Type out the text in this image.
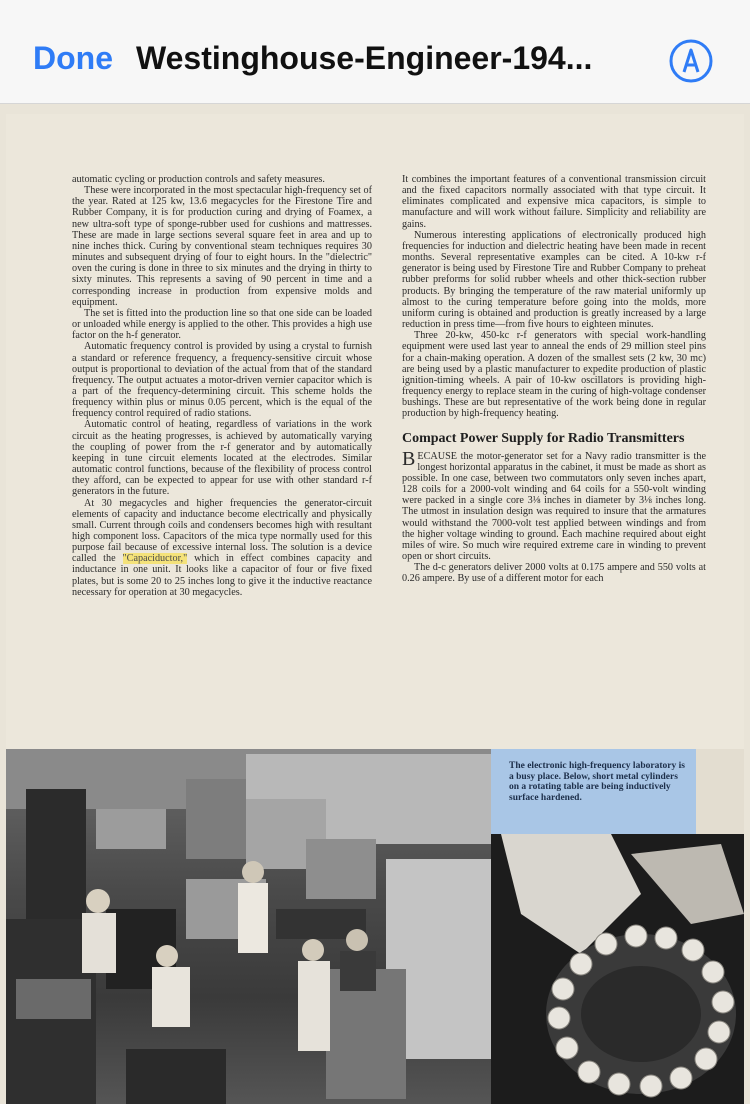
Done Westinghouse-Engineer-194...

automatic cycling or production controls and safety measures.

These were incorporated in the most spectacular high-frequency set of the year. Rated at 125 kw, 13.6 megacycles for the Firestone Tire and Rubber Company, it is for production curing and drying of Foamex, a new ultra-soft type of sponge-rubber used for cushions and mattresses. These are made in large sections several square feet in area and up to nine inches thick. Curing by conventional steam techniques requires 30 minutes and subsequent drying of four to eight hours. In the "dielectric" oven the curing is done in three to six minutes and the drying in thirty to sixty minutes. This represents a saving of 90 percent in time and a corresponding increase in production from expensive molds and equipment.

The set is fitted into the production line so that one side can be loaded or unloaded while energy is applied to the other. This provides a high use factor on the h-f generator.

Automatic frequency control is provided by using a crystal to furnish a standard or reference frequency, a frequency-sensitive circuit whose output is proportional to deviation of the actual from that of the standard frequency. The output actuates a motor-driven vernier capacitor which is a part of the frequency-determining circuit. This scheme holds the frequency within plus or minus 0.05 percent, which is the equal of the frequency control required of radio stations.

Automatic control of heating, regardless of variations in the work circuit as the heating progresses, is achieved by automatically varying the coupling of power from the r-f generator and by automatically keeping in tune circuit elements located at the electrodes. Similar automatic control functions, because of the flexibility of process control they afford, can be expected to appear for use with other standard r-f generators in the future.

At 30 megacycles and higher frequencies the generator-circuit elements of capacity and inductance become electrically and physically small. Current through coils and condensers becomes high with resultant high component loss. Capacitors of the mica type normally used for this purpose fail because of excessive internal loss. The solution is a device called the "Capaciductor," which in effect combines capacity and inductance in one unit. It looks like a capacitor of four or five fixed plates, but is some 20 to 25 inches long to give it the inductive reactance necessary for operation at 30 megacycles.

It combines the important features of a conventional transmission circuit and the fixed capacitors normally associated with that type circuit. It eliminates complicated and expensive mica capacitors, is simple to manufacture and will work without failure. Simplicity and reliability are gains.

Numerous interesting applications of electronically produced high frequencies for induction and dielectric heating have been made in recent months. Several representative examples can be cited. A 10-kw r-f generator is being used by Firestone Tire and Rubber Company to preheat rubber preforms for solid rubber wheels and other thick-section rubber products. By bringing the temperature of the raw material uniformly up almost to the curing temperature before going into the molds, more uniform curing is obtained and production is greatly increased by a large reduction in press time—from five hours to eighteen minutes.

Three 20-kw, 450-kc r-f generators with special work-handling equipment were used last year to anneal the ends of 29 million steel pins for a chain-making operation. A dozen of the smallest sets (2 kw, 30 mc) are being used by a plastic manufacturer to expedite production of plastic ignition-timing wheels. A pair of 10-kw oscillators is providing high-frequency energy to replace steam in the curing of high-voltage condenser bushings. These are but representative of the work being done in regular production by high-frequency heating.

Compact Power Supply for Radio Transmitters

BECAUSE the motor-generator set for a Navy radio transmitter is the longest horizontal apparatus in the cabinet, it must be made as short as possible. In one case, between two commutators only seven inches apart, 128 coils for a 2000-volt winding and 64 coils for a 550-volt winding were packed in a single core 3⅛ inches in diameter by 3⅛ inches long. The utmost in insulation design was required to insure that the armatures would withstand the 7000-volt test applied between windings and from the higher voltage winding to ground. Each machine required about eight miles of wire. So much wire required extreme care in winding to prevent open or short circuits.

The d-c generators deliver 2000 volts at 0.175 ampere and 550 volts at 0.26 ampere. By use of a different motor for each

The electronic high-frequency laboratory is a busy place. Below, short metal cylinders on a rotating table are being inductively surface hardened.
